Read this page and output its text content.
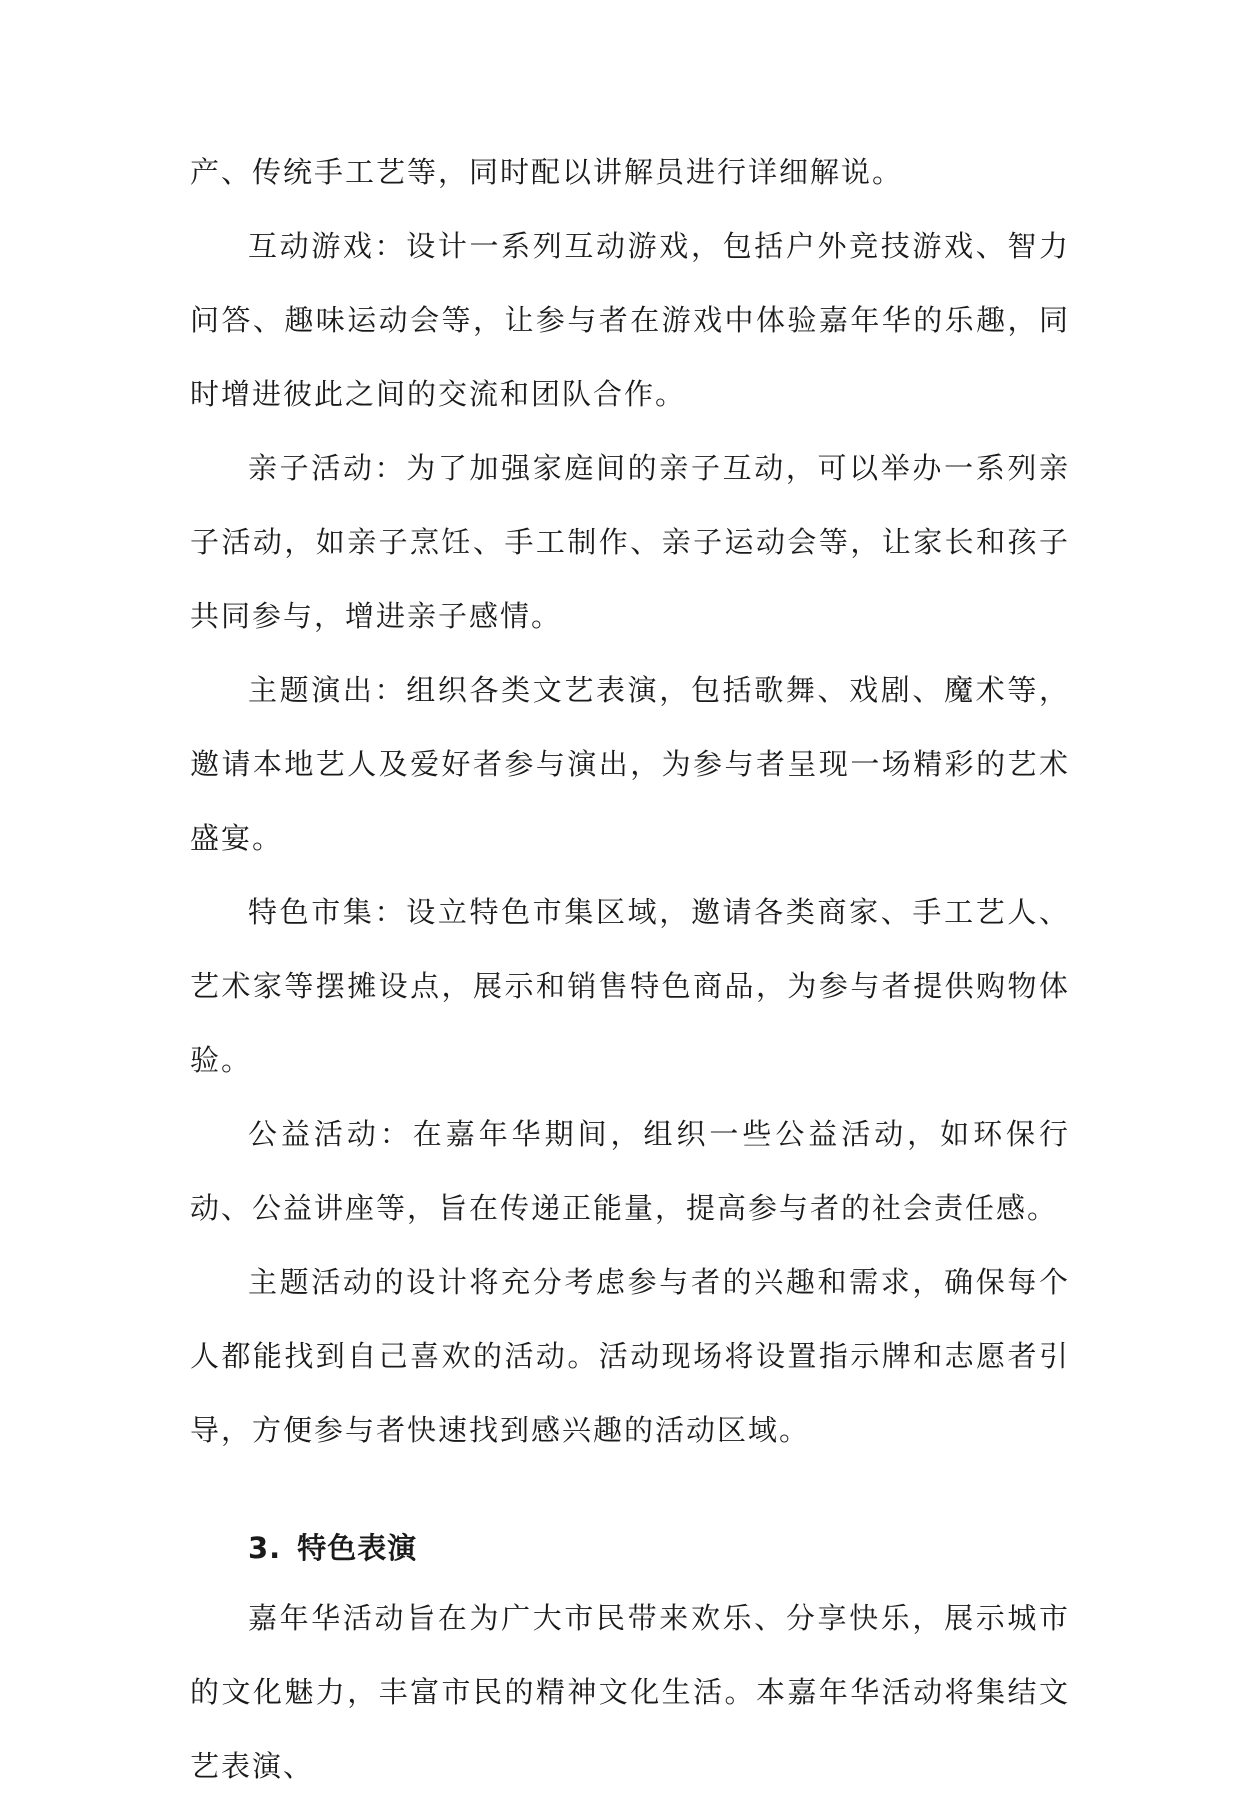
产、传统手工艺等，同时配以讲解员进行详细解说。

互动游戏：设计一系列互动游戏，包括户外竞技游戏、智力问答、趣味运动会等，让参与者在游戏中体验嘉年华的乐趣，同时增进彼此之间的交流和团队合作。

亲子活动：为了加强家庭间的亲子互动，可以举办一系列亲子活动，如亲子烹饪、手工制作、亲子运动会等，让家长和孩子共同参与，增进亲子感情。

主题演出：组织各类文艺表演，包括歌舞、戏剧、魔术等，邀请本地艺人及爱好者参与演出，为参与者呈现一场精彩的艺术盛宴。

特色市集：设立特色市集区域，邀请各类商家、手工艺人、艺术家等摆摊设点，展示和销售特色商品，为参与者提供购物体验。

公益活动：在嘉年华期间，组织一些公益活动，如环保行动、公益讲座等，旨在传递正能量，提高参与者的社会责任感。

主题活动的设计将充分考虑参与者的兴趣和需求，确保每个人都能找到自己喜欢的活动。活动现场将设置指示牌和志愿者引导，方便参与者快速找到感兴趣的活动区域。

3. 特色表演

嘉年华活动旨在为广大市民带来欢乐、分享快乐，展示城市的文化魅力，丰富市民的精神文化生活。本嘉年华活动将集结文艺表演、
